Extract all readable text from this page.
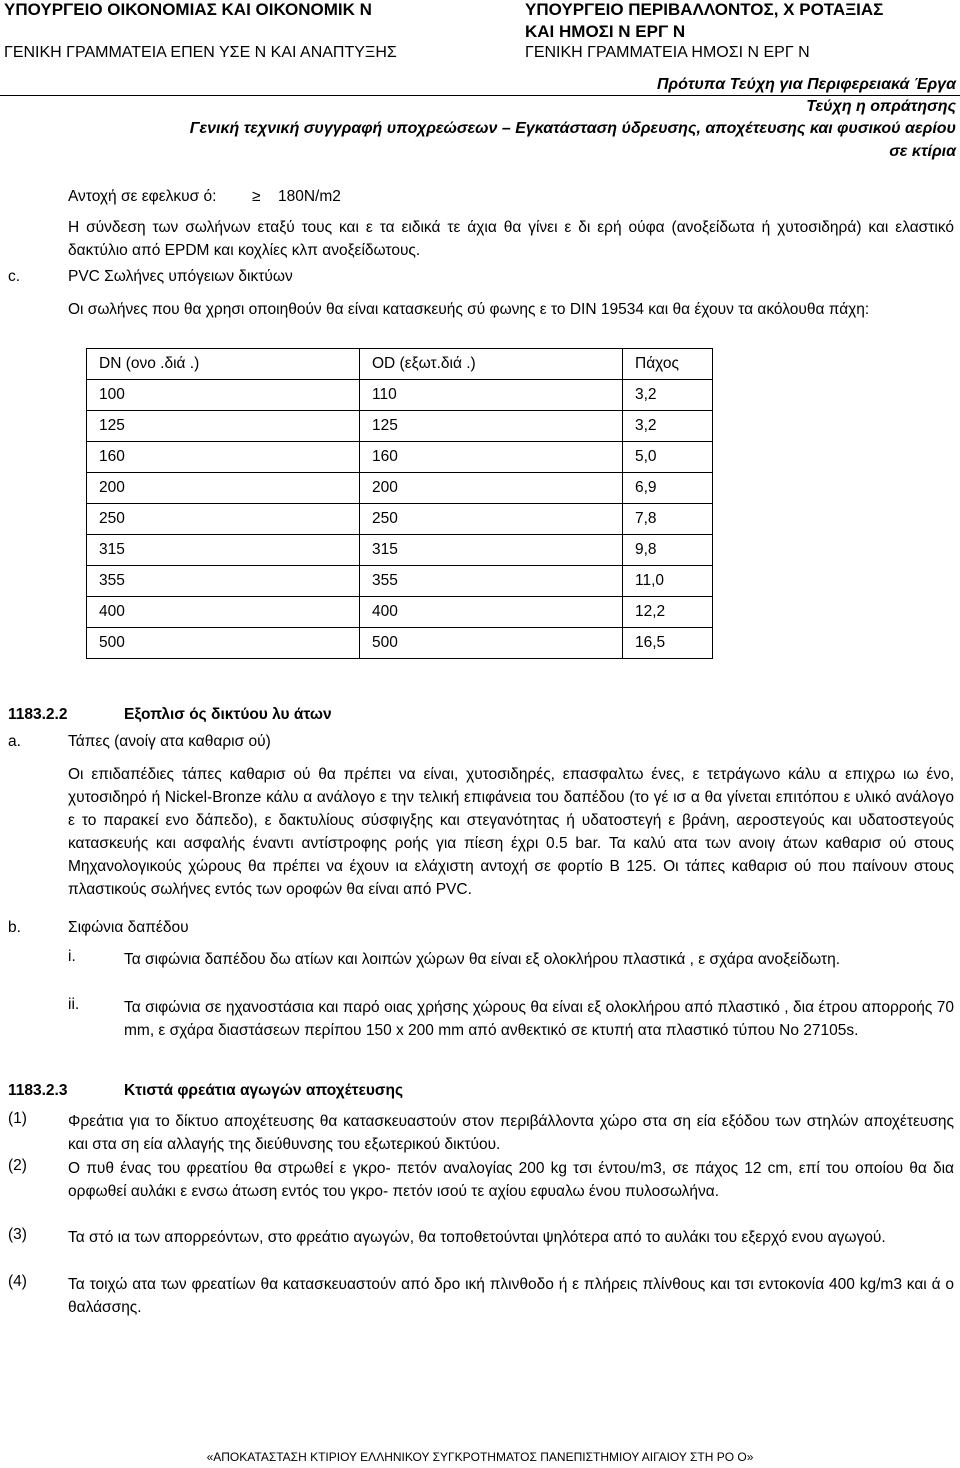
ΥΠΟΥΡΓΕΙΟ ΟΙΚΟΝΟΜΙΑΣ ΚΑΙ ΟΙΚΟΝΟΜΙΚ Ν
ΓΕΝΙΚΗ ΓΡΑΜΜΑΤΕΙΑ ΕΠΕΝ ΥΣΕ Ν ΚΑΙ ΑΝΑΠΤΥΞΗΣ
ΥΠΟΥΡΓΕΙΟ ΠΕΡΙΒΑΛΛΟΝΤΟΣ, Χ ΡΟΤΑΞΙΑΣ
ΚΑΙ ΗΜΟΣΙ Ν ΕΡΓ Ν
ΓΕΝΙΚΗ ΓΡΑΜΜΑΤΕΙΑ ΗΜΟΣΙ Ν ΕΡΓ Ν
Πρότυπα Τεύχη για Περιφερειακά Έργα
Τεύχη η οπράτησης
Γενική τεχνική συγγραφή υποχρεώσεων – Εγκατάσταση ύδρευσης, αποχέτευσης και φυσικού αερίου
σε κτίρια
Αντοχή σε εφελκυσ ό: ≥ 180N/m2
Η σύνδεση των σωλήνων εταξύ τους και ε τα ειδικά τε άχια θα γίνει ε δι ερή ούφα (ανοξείδωτα ή χυτοσιδηρά) και ελαστικό δακτύλιο από EPDM και κοχλίες κλπ ανοξείδωτους.
c.	PVC Σωλήνες υπόγειων δικτύων
Οι σωλήνες που θα χρησι οποιηθούν θα είναι κατασκευής σύ φωνης ε το DIN 19534 και θα έχουν τα ακόλουθα πάχη:
DN (ονο .διά .)	OD (εξωτ.διά .)	Πάχος
100	110	3,2
125	125	3,2
160	160	5,0
200	200	6,9
250	250	7,8
315	315	9,8
355	355	11,0
400	400	12,2
500	500	16,5
1183.2.2	Εξοπλισ ός δικτύου λυ άτων
a.	Τάπες (ανοίγ ατα καθαρισ ού)
Οι επιδαπέδιες τάπες καθαρισ ού θα πρέπει να είναι, χυτοσιδηρές, επασφαλτω ένες, ε τετράγωνο κάλυ α επιχρω ιω ένο, χυτοσιδηρό ή Nickel-Bronze κάλυ α ανάλογο ε την τελική επιφάνεια του δαπέδου (το γέ ισ α θα γίνεται επιτόπου ε υλικό ανάλογο ε το παρακεί ενο δάπεδο), ε δακτυλίους σύσφιγξης και στεγανότητας ή υδατοστεγή ε βράνη, αεροστεγούς και υδατοστεγούς κατασκευής και ασφαλής έναντι αντίστροφης ροής για πίεση έχρι 0.5 bar. Τα καλύ ατα των ανοιγ άτων καθαρισ ού στους Μηχανολογικούς χώρους θα πρέπει να έχουν ια ελάχιστη αντοχή σε φορτίο Β 125. Οι τάπες καθαρισ ού που παίνουν στους πλαστικούς σωλήνες εντός των οροφών θα είναι από PVC.
b.	Σιφώνια δαπέδου
i.	Τα σιφώνια δαπέδου δω ατίων και λοιπών χώρων θα είναι εξ ολοκλήρου πλαστικά , ε σχάρα ανοξείδωτη.
ii.	Τα σιφώνια σε ηχανοστάσια και παρό οιας χρήσης χώρους θα είναι εξ ολοκλήρου από πλαστικό , δια έτρου απορροής 70 mm, ε σχάρα διαστάσεων περίπου 150 x 200 mm από ανθεκτικό σε κτυπή ατα πλαστικό τύπου Νο 27105s.
1183.2.3	Κτιστά φρεάτια αγωγών αποχέτευσης
(1)	Φρεάτια για το δίκτυο αποχέτευσης θα κατασκευαστούν στον περιβάλλοντα χώρο στα ση εία εξόδου των στηλών αποχέτευσης και στα ση εία αλλαγής της διεύθυνσης του εξωτερικού δικτύου.
(2)	Ο πυθ ένας του φρεατίου θα στρωθεί ε γκρο- πετόν αναλογίας 200 kg τσι έντου/m3, σε πάχος 12 cm, επί του οποίου θα δια ορφωθεί αυλάκι ε ενσω άτωση εντός του γκρο- πετόν ισού τε αχίου εφυαλω ένου πυλοσωλήνα.
(3)	Τα στό ια των απορρεόντων, στο φρεάτιο αγωγών, θα τοποθετούνται ψηλότερα από το αυλάκι του εξερχό ενου αγωγού.
(4)	Τα τοιχώ ατα των φρεατίων θα κατασκευαστούν από δρο ική πλινθοδο ή ε πλήρεις πλίνθους και τσι εντοκονία 400 kg/m3 και ά ο θαλάσσης.
«ΑΠΟΚΑΤΑΣΤΑΣΗ ΚΤΙΡΙΟΥ ΕΛΛΗΝΙΚΟΥ ΣΥΓΚΡΟΤΗΜΑΤΟΣ ΠΑΝΕΠΙΣΤΗΜΙΟΥ ΑΙΓΑΙΟΥ ΣΤΗ ΡΟ Ο»
